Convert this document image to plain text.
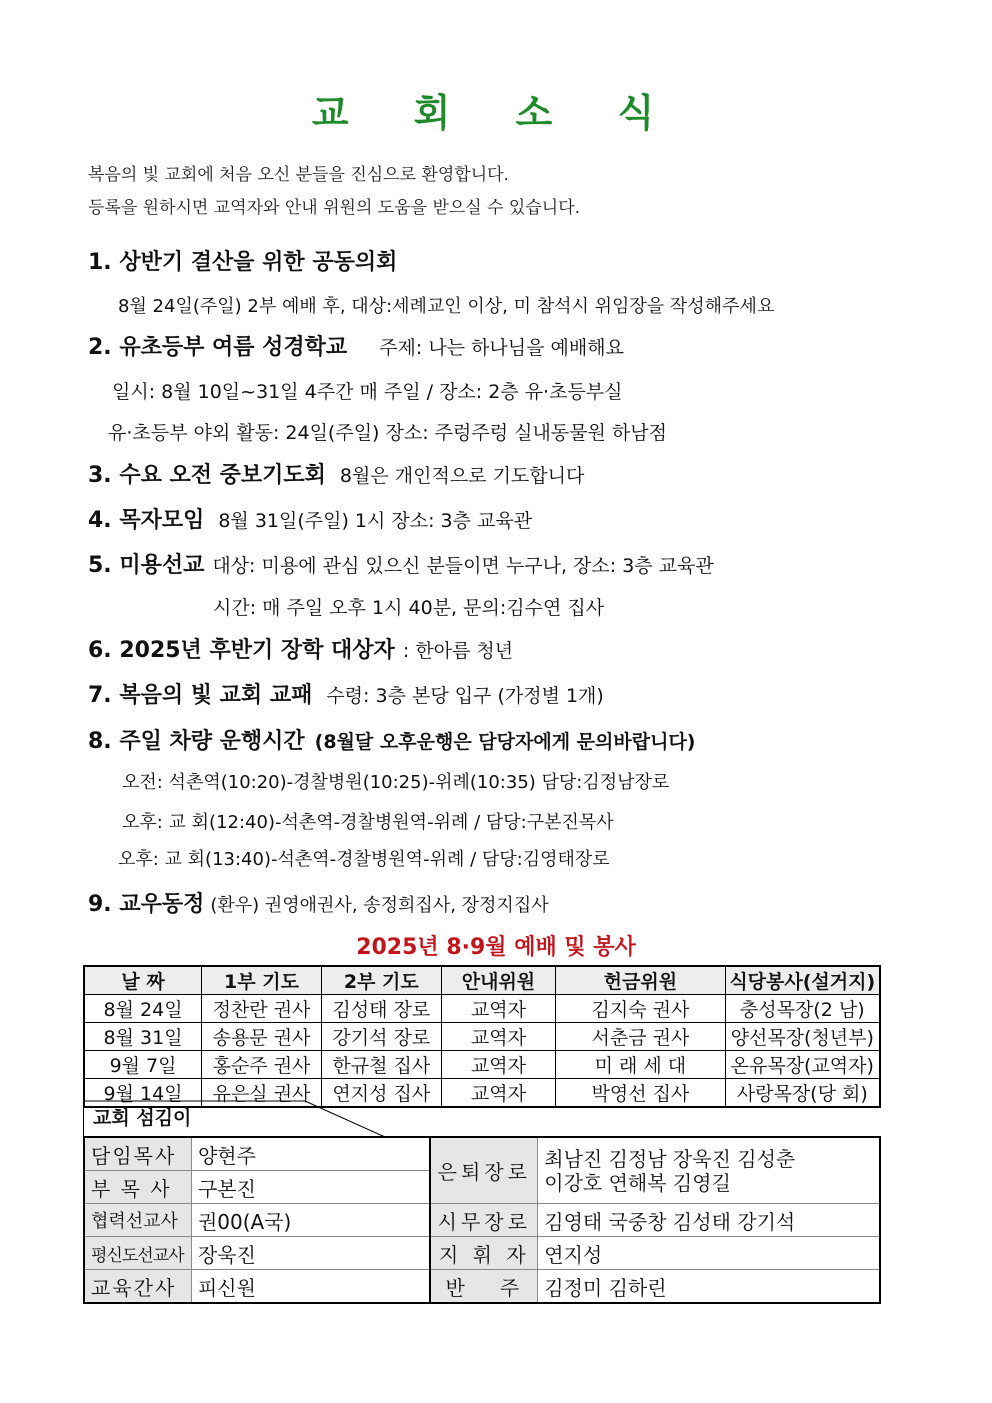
교 회 소 식
복음의 빛 교회에 처음 오신 분들을 진심으로 환영합니다.
등록을 원하시면 교역자와 안내 위원의 도움을 받으실 수 있습니다.
1. 상반기 결산을 위한 공동의회
8월 24일(주일) 2부 예배 후, 대상:세례교인 이상, 미 참석시 위임장을 작성해주세요
2. 유초등부 여름 성경학교 주제: 나는 하나님을 예배해요
일시: 8월 10일~31일 4주간 매 주일 / 장소: 2층 유·초등부실
유·초등부 야외 활동: 24일(주일) 장소: 주렁주렁 실내동물원 하남점
3. 수요 오전 중보기도회 8월은 개인적으로 기도합니다
4. 목자모임 8월 31일(주일) 1시 장소: 3층 교육관
5. 미용선교 대상: 미용에 관심 있으신 분들이면 누구나, 장소: 3층 교육관
시간: 매 주일 오후 1시 40분, 문의:김수연 집사
6. 2025년 후반기 장학 대상자 : 한아름 청년
7. 복음의 빛 교회 교패 수령: 3층 본당 입구 (가정별 1개)
8. 주일 차량 운행시간 (8월달 오후운행은 담당자에게 문의바랍니다)
오전: 석촌역(10:20)-경찰병원(10:25)-위례(10:35) 담당:김정남장로
오후: 교 회(12:40)-석촌역-경찰병원역-위례 / 담당:구본진목사
오후: 교 회(13:40)-석촌역-경찰병원역-위례 / 담당:김영태장로
9. 교우동정 (환우) 권영애권사, 송정희집사, 장정지집사
2025년 8·9월 예배 및 봉사
날 짜	1부 기도	2부 기도	안내위원	헌금위원	식당봉사(설거지)
8월 24일	정찬란 권사	김성태 장로	교역자	김지숙 권사	충성목장(2 남)
8월 31일	송용문 권사	강기석 장로	교역자	서춘금 권사	양선목장(청년부)
9월 7일	홍순주 권사	한규철 집사	교역자	미 래 세 대	온유목장(교역자)
9월 14일	유은실 권사	연지성 집사	교역자	박영선 집사	사랑목장(당 회)
교회 섬김이
담임목사	양현주	은퇴장로	최남진 김정남 장욱진 김성춘
이강호 연해복 김영길

부 목 사	구본진		
협력선교사	권00(A국)	시무장로	김영태 국중창 김성태 강기석
평신도선교사	장욱진	지 휘 자	연지성
교육간사	피신원	반   주	김정미 김하린
